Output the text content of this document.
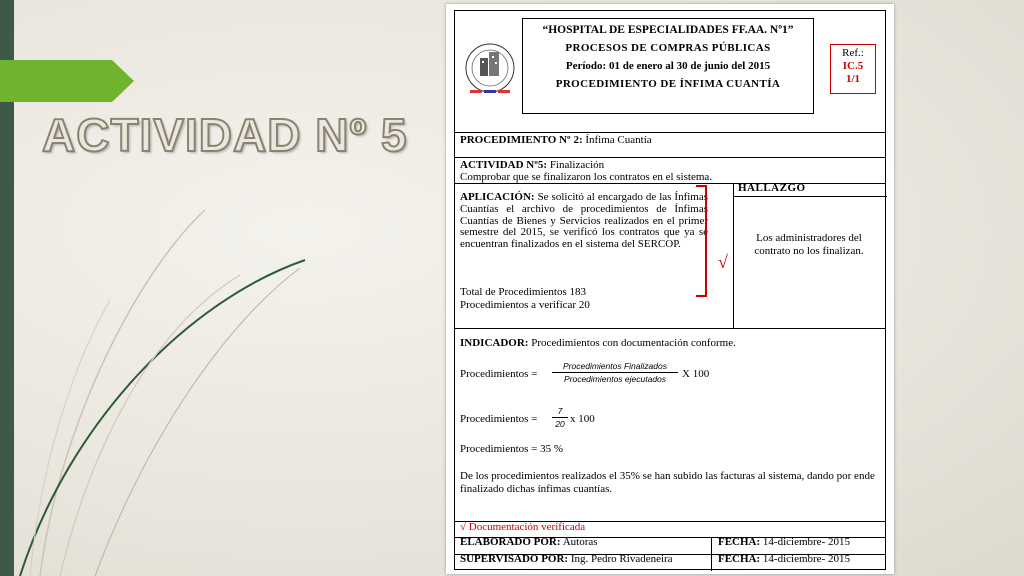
ACTIVIDAD Nº 5
“HOSPITAL DE ESPECIALIDADES FF.AA. Nº1”
PROCESOS DE COMPRAS PÚBLICAS
Período: 01 de enero al 30 de junio del 2015
PROCEDIMIENTO DE ÍNFIMA CUANTÍA
Ref.:
IC.5
1/1
PROCEDIMIENTO Nº 2: Ínfima Cuantía
ACTIVIDAD Nº5: Finalización
Comprobar que se finalizaron los contratos en el sistema.
APLICACIÓN: Se solicitó al encargado de las Ínfimas Cuantías el archivo de procedimientos de Ínfimas Cuantías de Bienes y Servicios realizados en el primer semestre del 2015, se verificó los contratos que ya se encuentran finalizados en el sistema del SERCOP.
Total de Procedimientos 183
Procedimientos a verificar 20
√
HALLAZGO
Los administradores del contrato no los finalizan.
INDICADOR: Procedimientos con documentación conforme.
Procedimientos =
Procedimientos Finalizados
Procedimientos ejecutados	X 100
Procedimientos = $\frac{7}{20}$ x 100
Procedimientos = 35 %
De los procedimientos realizados el 35% se han subido las facturas al sistema, dando por ende finalizado dichas ínfimas cuantías.
√ Documentación verificada
ELABORADO POR: Autoras	FECHA: 14-diciembre- 2015
SUPERVISADO POR: Ing. Pedro Rivadeneira	FECHA: 14-diciembre- 2015
